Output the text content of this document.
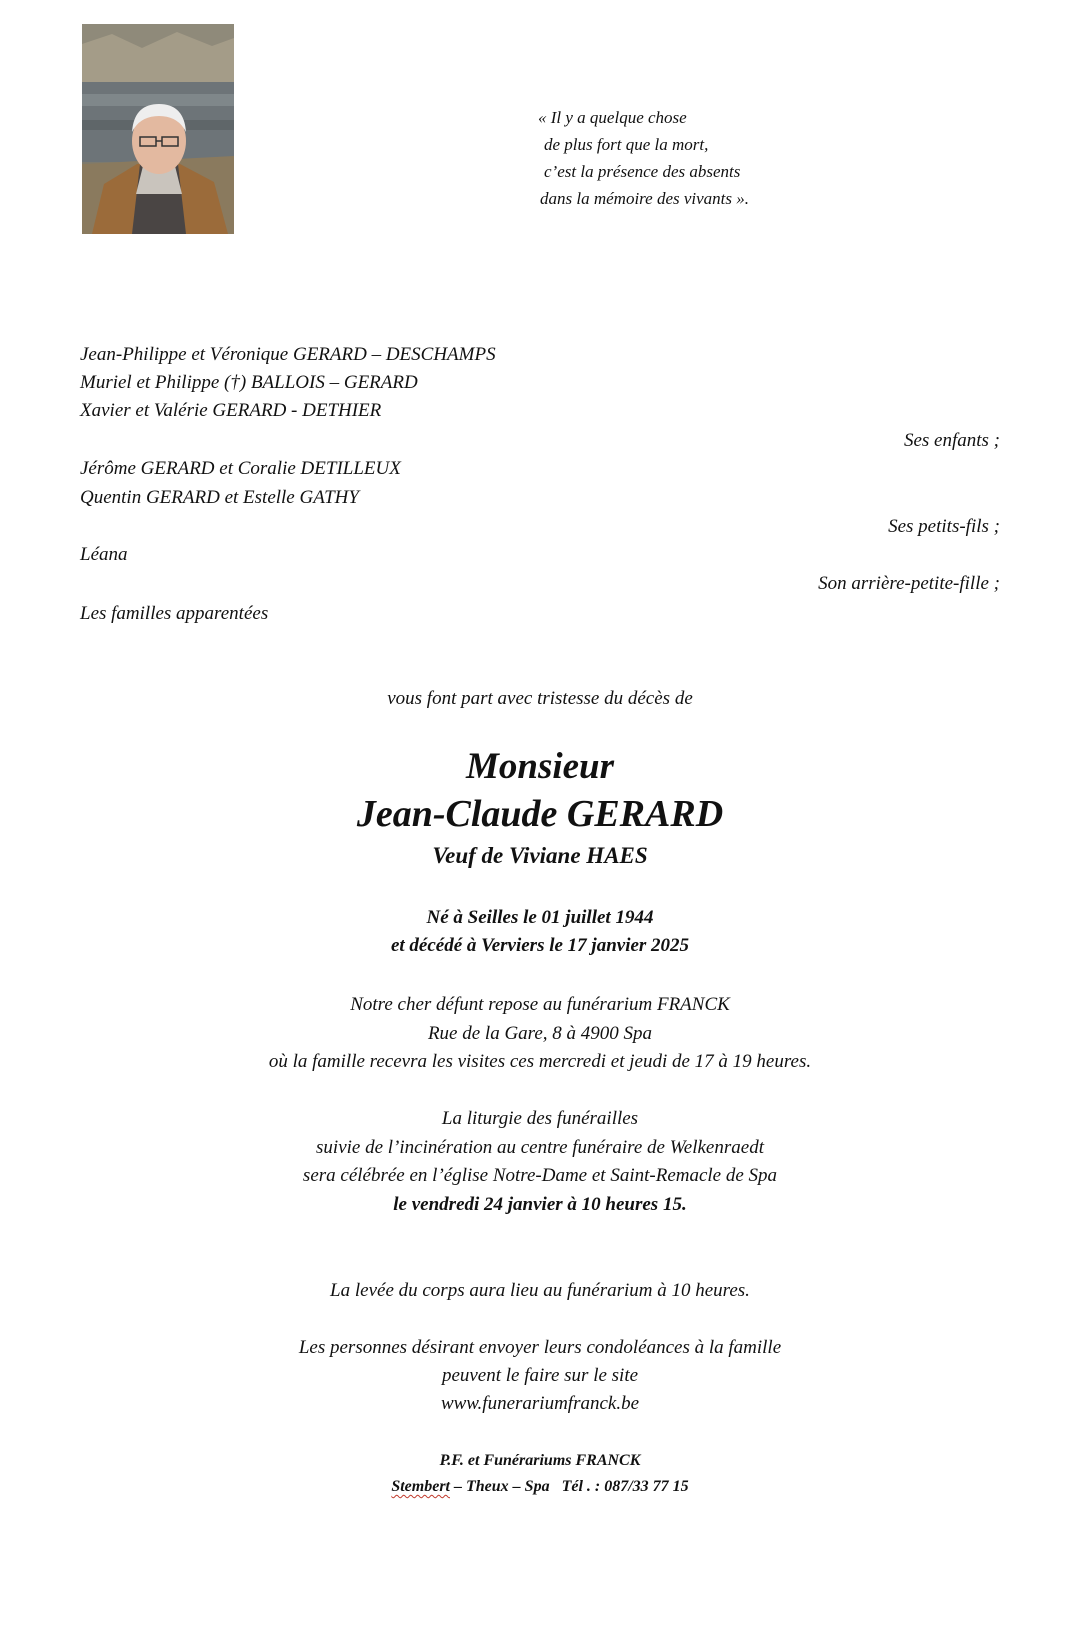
« Il y a quelque chose
de plus fort que la mort,
c’est la présence des absents
dans la mémoire des vivants ».
Jean-Philippe et Véronique GERARD – DESCHAMPS
Muriel et Philippe (†) BALLOIS – GERARD
Xavier et Valérie GERARD - DETHIER
Ses enfants ;
Jérôme GERARD et Coralie DETILLEUX
Quentin GERARD et Estelle GATHY
Ses petits-fils ;
Léana
Son arrière-petite-fille ;
Les familles apparentées
vous font part avec tristesse du décès de
Monsieur
Jean-Claude GERARD
Veuf de Viviane HAES
Né à Seilles le 01 juillet 1944
et décédé à Verviers le 17 janvier 2025
Notre cher défunt repose au funérarium FRANCK
Rue de la Gare, 8 à 4900 Spa
où la famille recevra les visites ces mercredi et jeudi de 17 à 19 heures.
La liturgie des funérailles
suivie de l’incinération au centre funéraire de Welkenraedt
sera célébrée en l’église Notre-Dame et Saint-Remacle de Spa
le vendredi 24 janvier à 10 heures 15.
La levée du corps aura lieu au funérarium à 10 heures.
Les personnes désirant envoyer leurs condoléances à la famille
peuvent le faire sur le site
www.funerariumfranck.be
P.F. et Funérariums FRANCK
Stembert – Theux – Spa   Tél . : 087/33 77 15
